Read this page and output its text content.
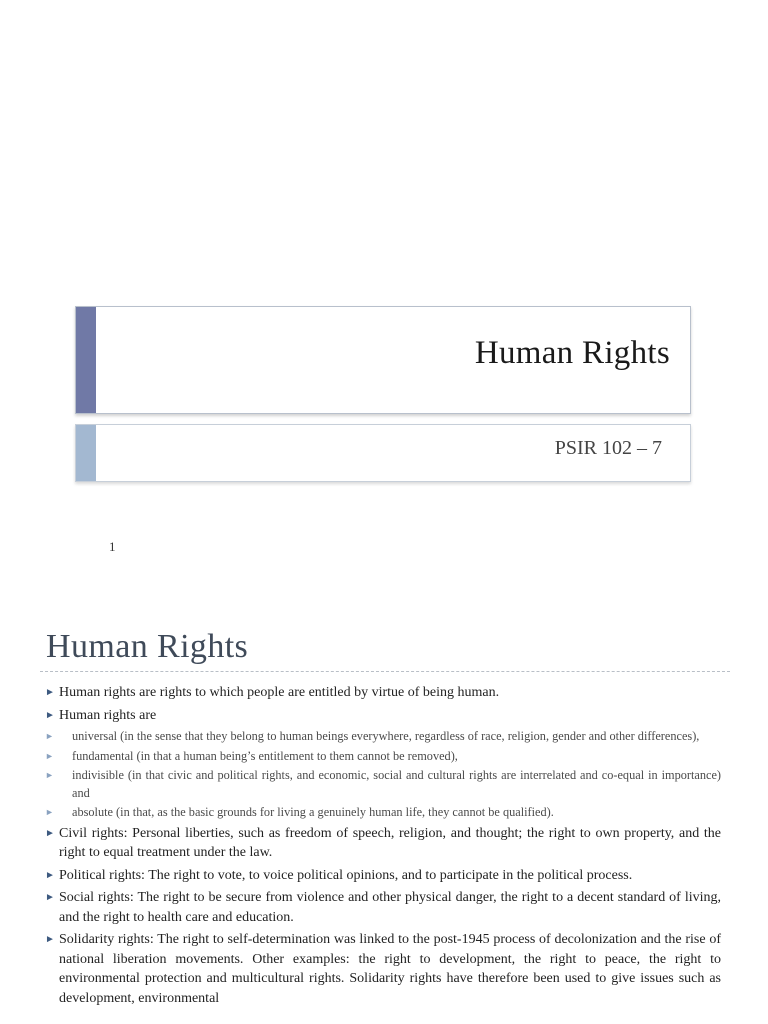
Human Rights
PSIR 102 – 7
1
Human Rights
► Human rights are rights to which people are entitled by virtue of being human.
► Human rights are
► universal (in the sense that they belong to human beings everywhere, regardless of race, religion, gender and other differences),
► fundamental (in that a human being’s entitlement to them cannot be removed),
► indivisible (in that civic and political rights, and economic, social and cultural rights are interrelated and co-equal in importance) and
► absolute (in that, as the basic grounds for living a genuinely human life, they cannot be qualified).
► Civil rights: Personal liberties, such as freedom of speech, religion, and thought; the right to own property, and the right to equal treatment under the law.
► Political rights: The right to vote, to voice political opinions, and to participate in the political process.
► Social rights: The right to be secure from violence and other physical danger, the right to a decent standard of living, and the right to health care and education.
► Solidarity rights: The right to self-determination was linked to the post-1945 process of decolonization and the rise of national liberation movements. Other examples: the right to development, the right to peace, the right to environmental protection and multicultural rights. Solidarity rights have therefore been used to give issues such as development, environmental
